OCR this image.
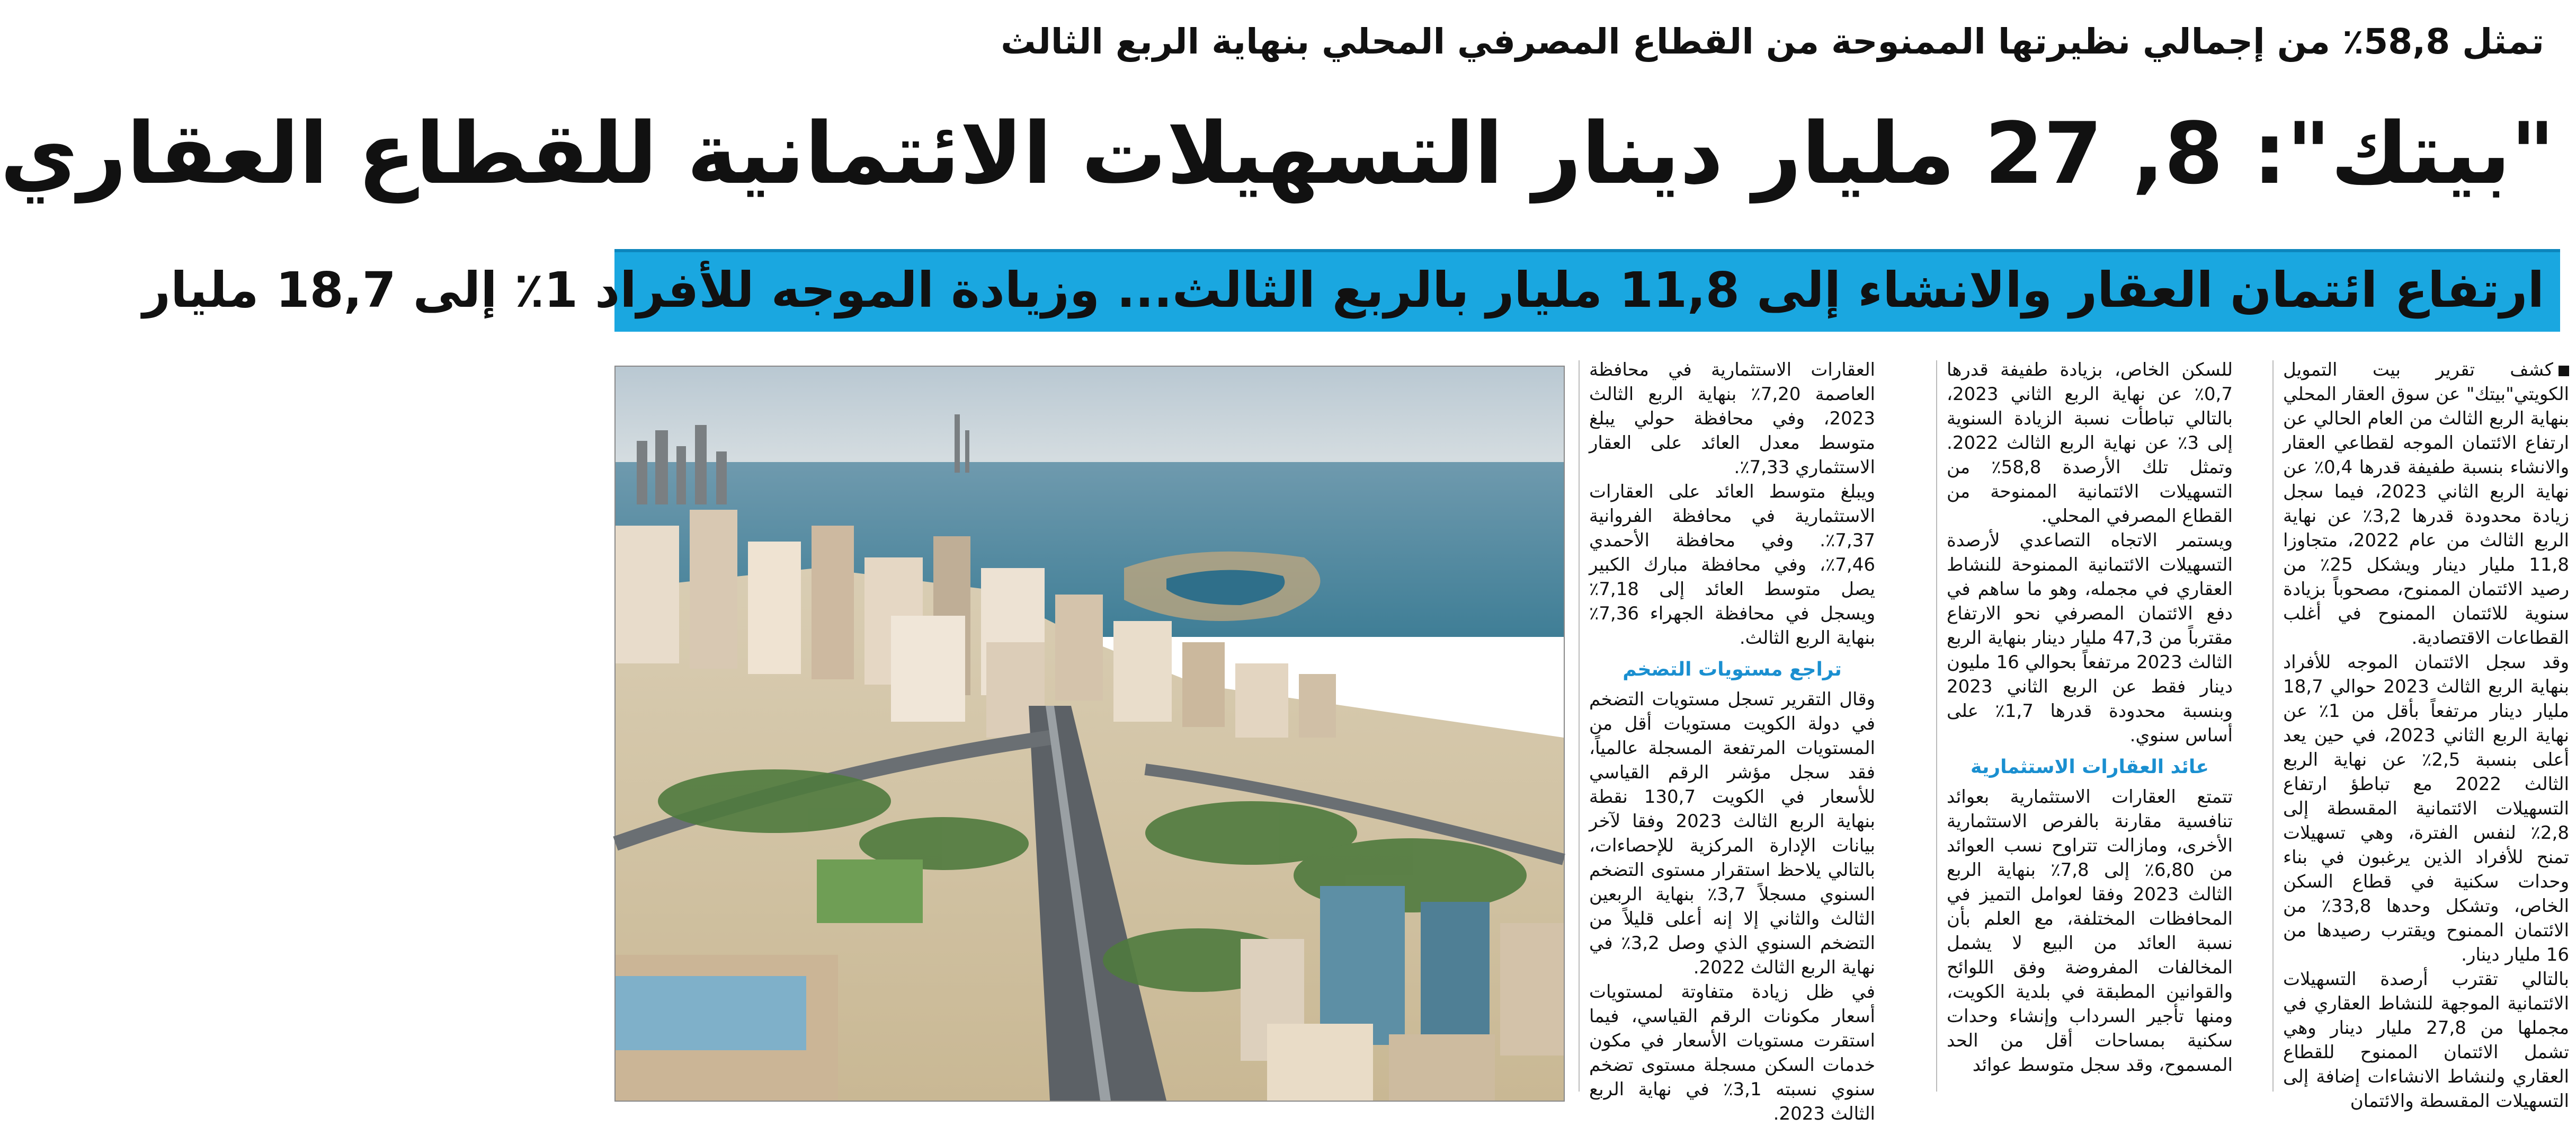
تمثل 58,8٪ من إجمالي نظيرتها الممنوحة من القطاع المصرفي المحلي بنهاية الربع الثالث
"بيتك": 8, 27 مليار دينار التسهيلات الائتمانية للقطاع العقاري
ارتفاع ائتمان العقار والانشاء إلى 11,8 مليار بالربع الثالث... وزيادة الموجه للأفراد 1٪ إلى 18,7 مليار

كشف تقرير بيت التمويل الكويتي"بيتك" عن سوق العقار المحلي بنهاية الربع الثالث من العام الحالي عن ارتفاع الائتمان الموجه لقطاعي العقار والانشاء بنسبة طفيفة قدرها 0,4٪ عن نهاية الربع الثاني 2023، فيما سجل زيادة محدودة قدرها 3,2٪ عن نهاية الربع الثالث من عام 2022، متجاوزا 11,8 مليار دينار ويشكل 25٪ من رصيد الائتمان الممنوح، مصحوباً بزيادة سنوية للائتمان الممنوح في أغلب القطاعات الاقتصادية.

وقد سجل الائتمان الموجه للأفراد بنهاية الربع الثالث 2023 حوالي 18,7 مليار دينار مرتفعاً بأقل من 1٪ عن نهاية الربع الثاني 2023، في حين يعد أعلى بنسبة 2,5٪ عن نهاية الربع الثالث 2022 مع تباطؤ ارتفاع التسهيلات الائتمانية المقسطة إلى 2,8٪ لنفس الفترة، وهي تسهيلات تمنح للأفراد الذين يرغبون في بناء وحدات سكنية في قطاع السكن الخاص، وتشكل وحدها 33,8٪ من الائتمان الممنوح ويقترب رصيدها من 16 مليار دينار.

بالتالي تقترب أرصدة التسهيلات الائتمانية الموجهة للنشاط العقاري في مجملها من 27,8 مليار دينار وهي تشمل الائتمان الممنوح للقطاع العقاري ولنشاط الانشاءات إضافة إلى التسهيلات المقسطة والائتمان

للسكن الخاص، بزيادة طفيفة قدرها 0,7٪ عن نهاية الربع الثاني 2023، بالتالي تباطأت نسبة الزيادة السنوية إلى 3٪ عن نهاية الربع الثالث 2022. وتمثل تلك الأرصدة 58,8٪ من التسهيلات الائتمانية الممنوحة من القطاع المصرفي المحلي.

ويستمر الاتجاه التصاعدي لأرصدة التسهيلات الائتمانية الممنوحة للنشاط العقاري في مجمله، وهو ما ساهم في دفع الائتمان المصرفي نحو الارتفاع مقترباً من 47,3 مليار دينار بنهاية الربع الثالث 2023 مرتفعاً بحوالي 16 مليون دينار فقط عن الربع الثاني 2023 وبنسبة محدودة قدرها 1,7٪ على أساس سنوي.

عائد العقارات الاستثمارية

تتمتع العقارات الاستثمارية بعوائد تنافسية مقارنة بالفرص الاستثمارية الأخرى، ومازالت تتراوح نسب العوائد من 6,80٪ إلى 7,8٪ بنهاية الربع الثالث 2023 وفقا لعوامل التميز في المحافظات المختلفة، مع العلم بأن نسبة العائد من البيع لا يشمل المخالفات المفروضة وفق اللوائح والقوانين المطبقة في بلدية الكويت، ومنها تأجير السرداب وإنشاء وحدات سكنية بمساحات أقل من الحد المسموح، وقد سجل متوسط عوائد

العقارات الاستثمارية في محافظة العاصمة 7,20٪ بنهاية الربع الثالث 2023، وفي محافظة حولي يبلغ متوسط معدل العائد على العقار الاستثماري 7,33٪.

ويبلغ متوسط العائد على العقارات الاستثمارية في محافظة الفروانية 7,37٪. وفي محافظة الأحمدي 7,46٪، وفي محافظة مبارك الكبير يصل متوسط العائد إلى 7,18٪ ويسجل في محافظة الجهراء 7,36٪ بنهاية الربع الثالث.

تراجع مستويات التضخم

وقال التقرير تسجل مستويات التضخم في دولة الكويت مستويات أقل من المستويات المرتفعة المسجلة عالمياً، فقد سجل مؤشر الرقم القياسي للأسعار في الكويت 130,7 نقطة بنهاية الربع الثالث 2023 وفقا لآخر بيانات الإدارة المركزية للإحصاءات، بالتالي يلاحظ استقرار مستوى التضخم السنوي مسجلاً 3,7٪ بنهاية الربعين الثالث والثاني إلا إنه أعلى قليلاً من التضخم السنوي الذي وصل 3,2٪ في نهاية الربع الثالث 2022.

في ظل زيادة متفاوتة لمستويات أسعار مكونات الرقم القياسي، فيما استقرت مستويات الأسعار في مكون خدمات السكن مسجلة مستوى تضخم سنوي نسبته 3,1٪ في نهاية الربع الثالث 2023.
